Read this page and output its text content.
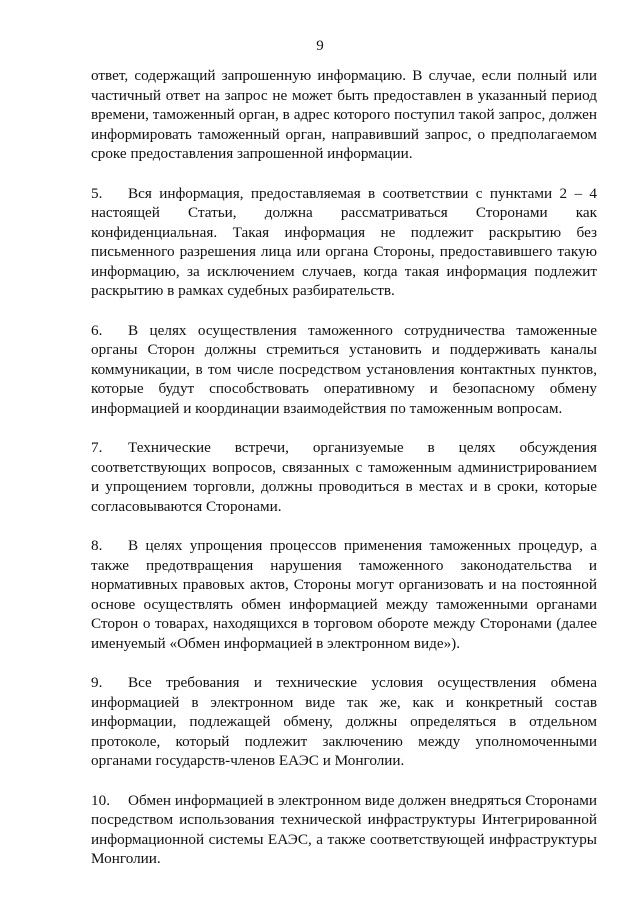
9

ответ, содержащий запрошенную информацию. В случае, если полный или частичный ответ на запрос не может быть предоставлен в указанный период времени, таможенный орган, в адрес которого поступил такой запрос, должен информировать таможенный орган, направивший запрос, о предполагаемом сроке предоставления запрошенной информации.

5. Вся информация, предоставляемая в соответствии с пунктами 2 – 4 настоящей Статьи, должна рассматриваться Сторонами как конфиденциальная. Такая информация не подлежит раскрытию без письменного разрешения лица или органа Стороны, предоставившего такую информацию, за исключением случаев, когда такая информация подлежит раскрытию в рамках судебных разбирательств.

6. В целях осуществления таможенного сотрудничества таможенные органы Сторон должны стремиться установить и поддерживать каналы коммуникации, в том числе посредством установления контактных пунктов, которые будут способствовать оперативному и безопасному обмену информацией и координации взаимодействия по таможенным вопросам.

7. Технические встречи, организуемые в целях обсуждения соответствующих вопросов, связанных с таможенным администрированием и упрощением торговли, должны проводиться в местах и в сроки, которые согласовываются Сторонами.

8. В целях упрощения процессов применения таможенных процедур, а также предотвращения нарушения таможенного законодательства и нормативных правовых актов, Стороны могут организовать и на постоянной основе осуществлять обмен информацией между таможенными органами Сторон о товарах, находящихся в торговом обороте между Сторонами (далее именуемый «Обмен информацией в электронном виде»).

9. Все требования и технические условия осуществления обмена информацией в электронном виде так же, как и конкретный состав информации, подлежащей обмену, должны определяться в отдельном протоколе, который подлежит заключению между уполномоченными органами государств-членов ЕАЭС и Монголии.

10. Обмен информацией в электронном виде должен внедряться Сторонами посредством использования технической инфраструктуры Интегрированной информационной системы ЕАЭС, а также соответствующей инфраструктуры Монголии.
